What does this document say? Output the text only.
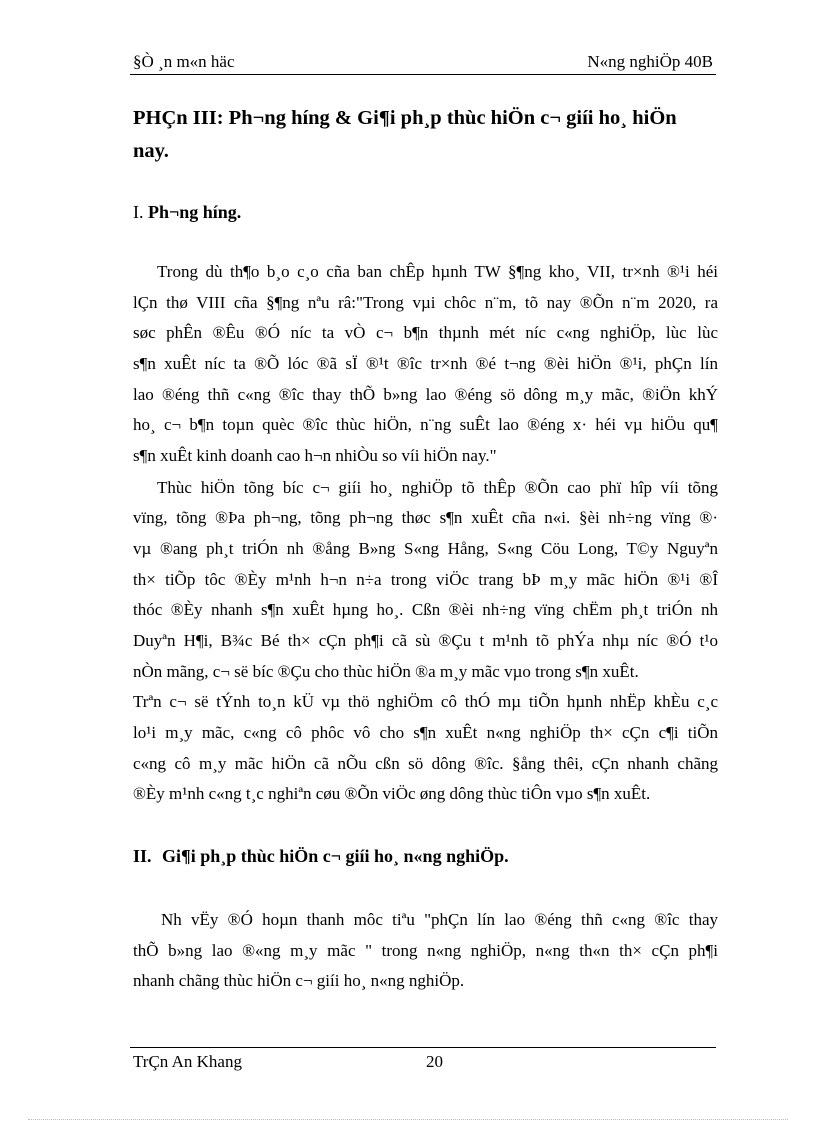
§Ò ¸n m«n häc	N«ng nghiÖp 40B
PHÇn III: Ph¬ng híng & Gi¶i ph¸p thùc hiÖn c¬ giíi ho¸ hiÖn nay.
I. Ph¬ng híng.
Trong dù th¶o b¸o c¸o cña ban chÊp hµnh TW §¶ng kho¸ VII, tr×nh ®¹i héi
lÇn thø VIII cña §¶ng nªu râ:"Trong vµi chôc n¨m, tõ nay ®Õn n¨m 2020, ra
søc phÊn ®Êu ®Ó níc ta vÒ c¬ b¶n thµnh mét níc c«ng nghiÖp, lùc lùc
s¶n xuÊt níc ta ®Õ lóc ®ã sÏ ®¹t ®îc tr×nh ®é t¬ng ®èi hiÖn ®¹i, phÇn lín
lao ®éng thñ c«ng ®îc thay thÕ b»ng lao ®éng sö dông m¸y mãc, ®iÖn khÝ
ho¸ c¬ b¶n toµn quèc ®îc thùc hiÖn, n¨ng suÊt lao ®éng x· héi vµ hiÖu qu¶
s¶n xuÊt kinh doanh cao h¬n nhiÒu so víi hiÖn nay."
Thùc hiÖn tõng bíc c¬ giíi ho¸ nghiÖp tõ thÊp ®Õn cao phï hîp víi tõng
vïng, tõng ®Þa ph¬ng, tõng ph¬ng thøc s¶n xuÊt cña n«i. §èi nh÷ng vïng ®·
vµ ®ang ph¸t triÓn nh ®ång B»ng S«ng Hång, S«ng Cöu Long, T©y Nguyªn
th× tiÕp tôc ®Èy m¹nh h¬n n÷a trong viÖc trang bÞ m¸y mãc hiÖn ®¹i ®Î
thóc ®Èy nhanh s¶n xuÊt hµng ho¸. Cßn ®èi nh÷ng vïng chËm ph¸t triÓn nh
Duyªn H¶i, B¾c Bé th× cÇn ph¶i cã sù ®Çu t m¹nh tõ phÝa nhµ níc ®Ó t¹o
nÒn mãng, c¬ së bíc ®Çu cho thùc hiÖn ®a m¸y mãc vµo trong s¶n xuÊt.
Trªn c¬ së tÝnh to¸n kÜ vµ thö nghiÖm cô thÓ mµ tiÕn hµnh nhËp khÈu c¸c
lo¹i m¸y mãc, c«ng cô phôc vô cho s¶n xuÊt n«ng nghiÖp th× cÇn c¶i tiÕn
c«ng cô m¸y mãc hiÖn cã nÕu cßn sö dông ®îc. §ång thêi, cÇn nhanh chãng
®Èy m¹nh c«ng t¸c nghiªn cøu ®Õn viÖc øng dông thùc tiÔn vµo s¶n xuÊt.
II. Gi¶i ph¸p thùc hiÖn c¬ giíi ho¸ n«ng nghiÖp.
Nh vËy ®Ó hoµn thanh môc tiªu "phÇn lín lao ®éng thñ c«ng ®îc thay
thÕ b»ng lao ®«ng m¸y mãc " trong n«ng nghiÖp, n«ng th«n th× cÇn ph¶i
nhanh chãng thùc hiÖn c¬ giíi ho¸ n«ng nghiÖp.
TrÇn An Khang	20
